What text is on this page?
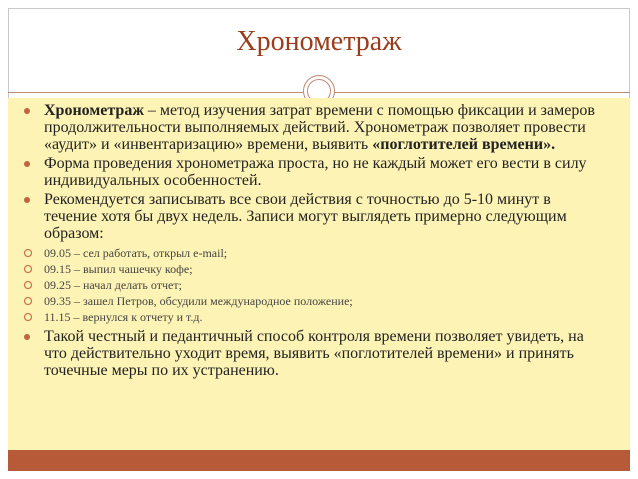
Хронометраж
Хронометраж – метод изучения затрат времени с помощью фиксации и замеров продолжительности выполняемых действий. Хронометраж позволяет провести «аудит» и «инвентаризацию» времени, выявить «поглотителей времени».
Форма проведения хронометража проста, но не каждый может его вести в силу индивидуальных особенностей.
Рекомендуется записывать все свои действия с точностью до 5-10 минут в течение хотя бы двух недель. Записи могут выглядеть примерно следующим образом:
09.05 – сел работать, открыл e-mail;
09.15 – выпил чашечку кофе;
09.25 – начал делать отчет;
09.35 – зашел Петров, обсудили международное положение;
11.15 – вернулся к отчету и т.д.
Такой честный и педантичный способ контроля времени позволяет увидеть, на что действительно уходит время, выявить «поглотителей времени» и принять точечные меры по их устранению.
